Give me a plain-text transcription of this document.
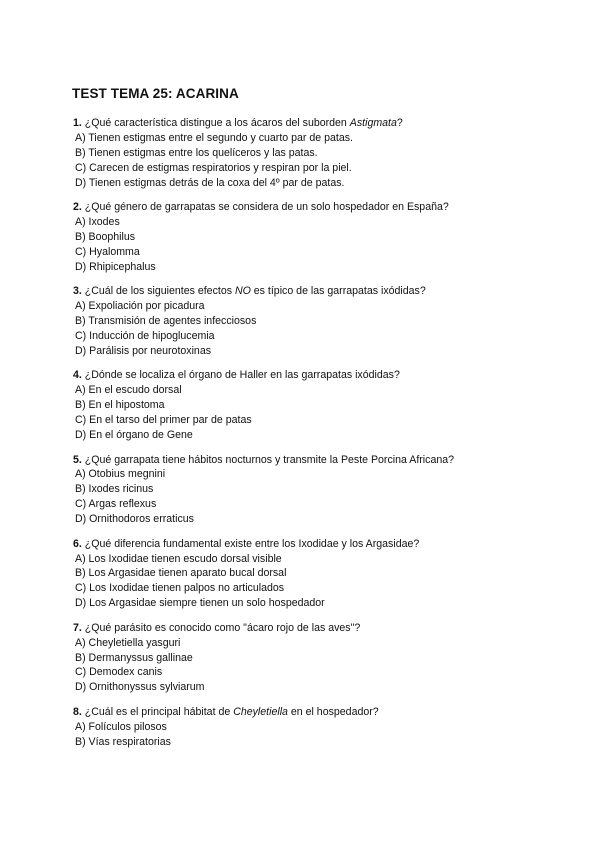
TEST TEMA 25: ACARINA
1. ¿Qué característica distingue a los ácaros del suborden Astigmata?
A) Tienen estigmas entre el segundo y cuarto par de patas.
B) Tienen estigmas entre los quelíceros y las patas.
C) Carecen de estigmas respiratorios y respiran por la piel.
D) Tienen estigmas detrás de la coxa del 4º par de patas.
2. ¿Qué género de garrapatas se considera de un solo hospedador en España?
A) Ixodes
B) Boophilus
C) Hyalomma
D) Rhipicephalus
3. ¿Cuál de los siguientes efectos NO es típico de las garrapatas ixódidas?
A) Expoliación por picadura
B) Transmisión de agentes infecciosos
C) Inducción de hipoglucemia
D) Parálisis por neurotoxinas
4. ¿Dónde se localiza el órgano de Haller en las garrapatas ixódidas?
A) En el escudo dorsal
B) En el hipostoma
C) En el tarso del primer par de patas
D) En el órgano de Gene
5. ¿Qué garrapata tiene hábitos nocturnos y transmite la Peste Porcina Africana?
A) Otobius megnini
B) Ixodes ricinus
C) Argas reflexus
D) Ornithodoros erraticus
6. ¿Qué diferencia fundamental existe entre los Ixodidae y los Argasidae?
A) Los Ixodidae tienen escudo dorsal visible
B) Los Argasidae tienen aparato bucal dorsal
C) Los Ixodidae tienen palpos no articulados
D) Los Argasidae siempre tienen un solo hospedador
7. ¿Qué parásito es conocido como "ácaro rojo de las aves"?
A) Cheyletiella yasguri
B) Dermanyssus gallinae
C) Demodex canis
D) Ornithonyssus sylviarum
8. ¿Cuál es el principal hábitat de Cheyletiella en el hospedador?
A) Folículos pilosos
B) Vías respiratorias
